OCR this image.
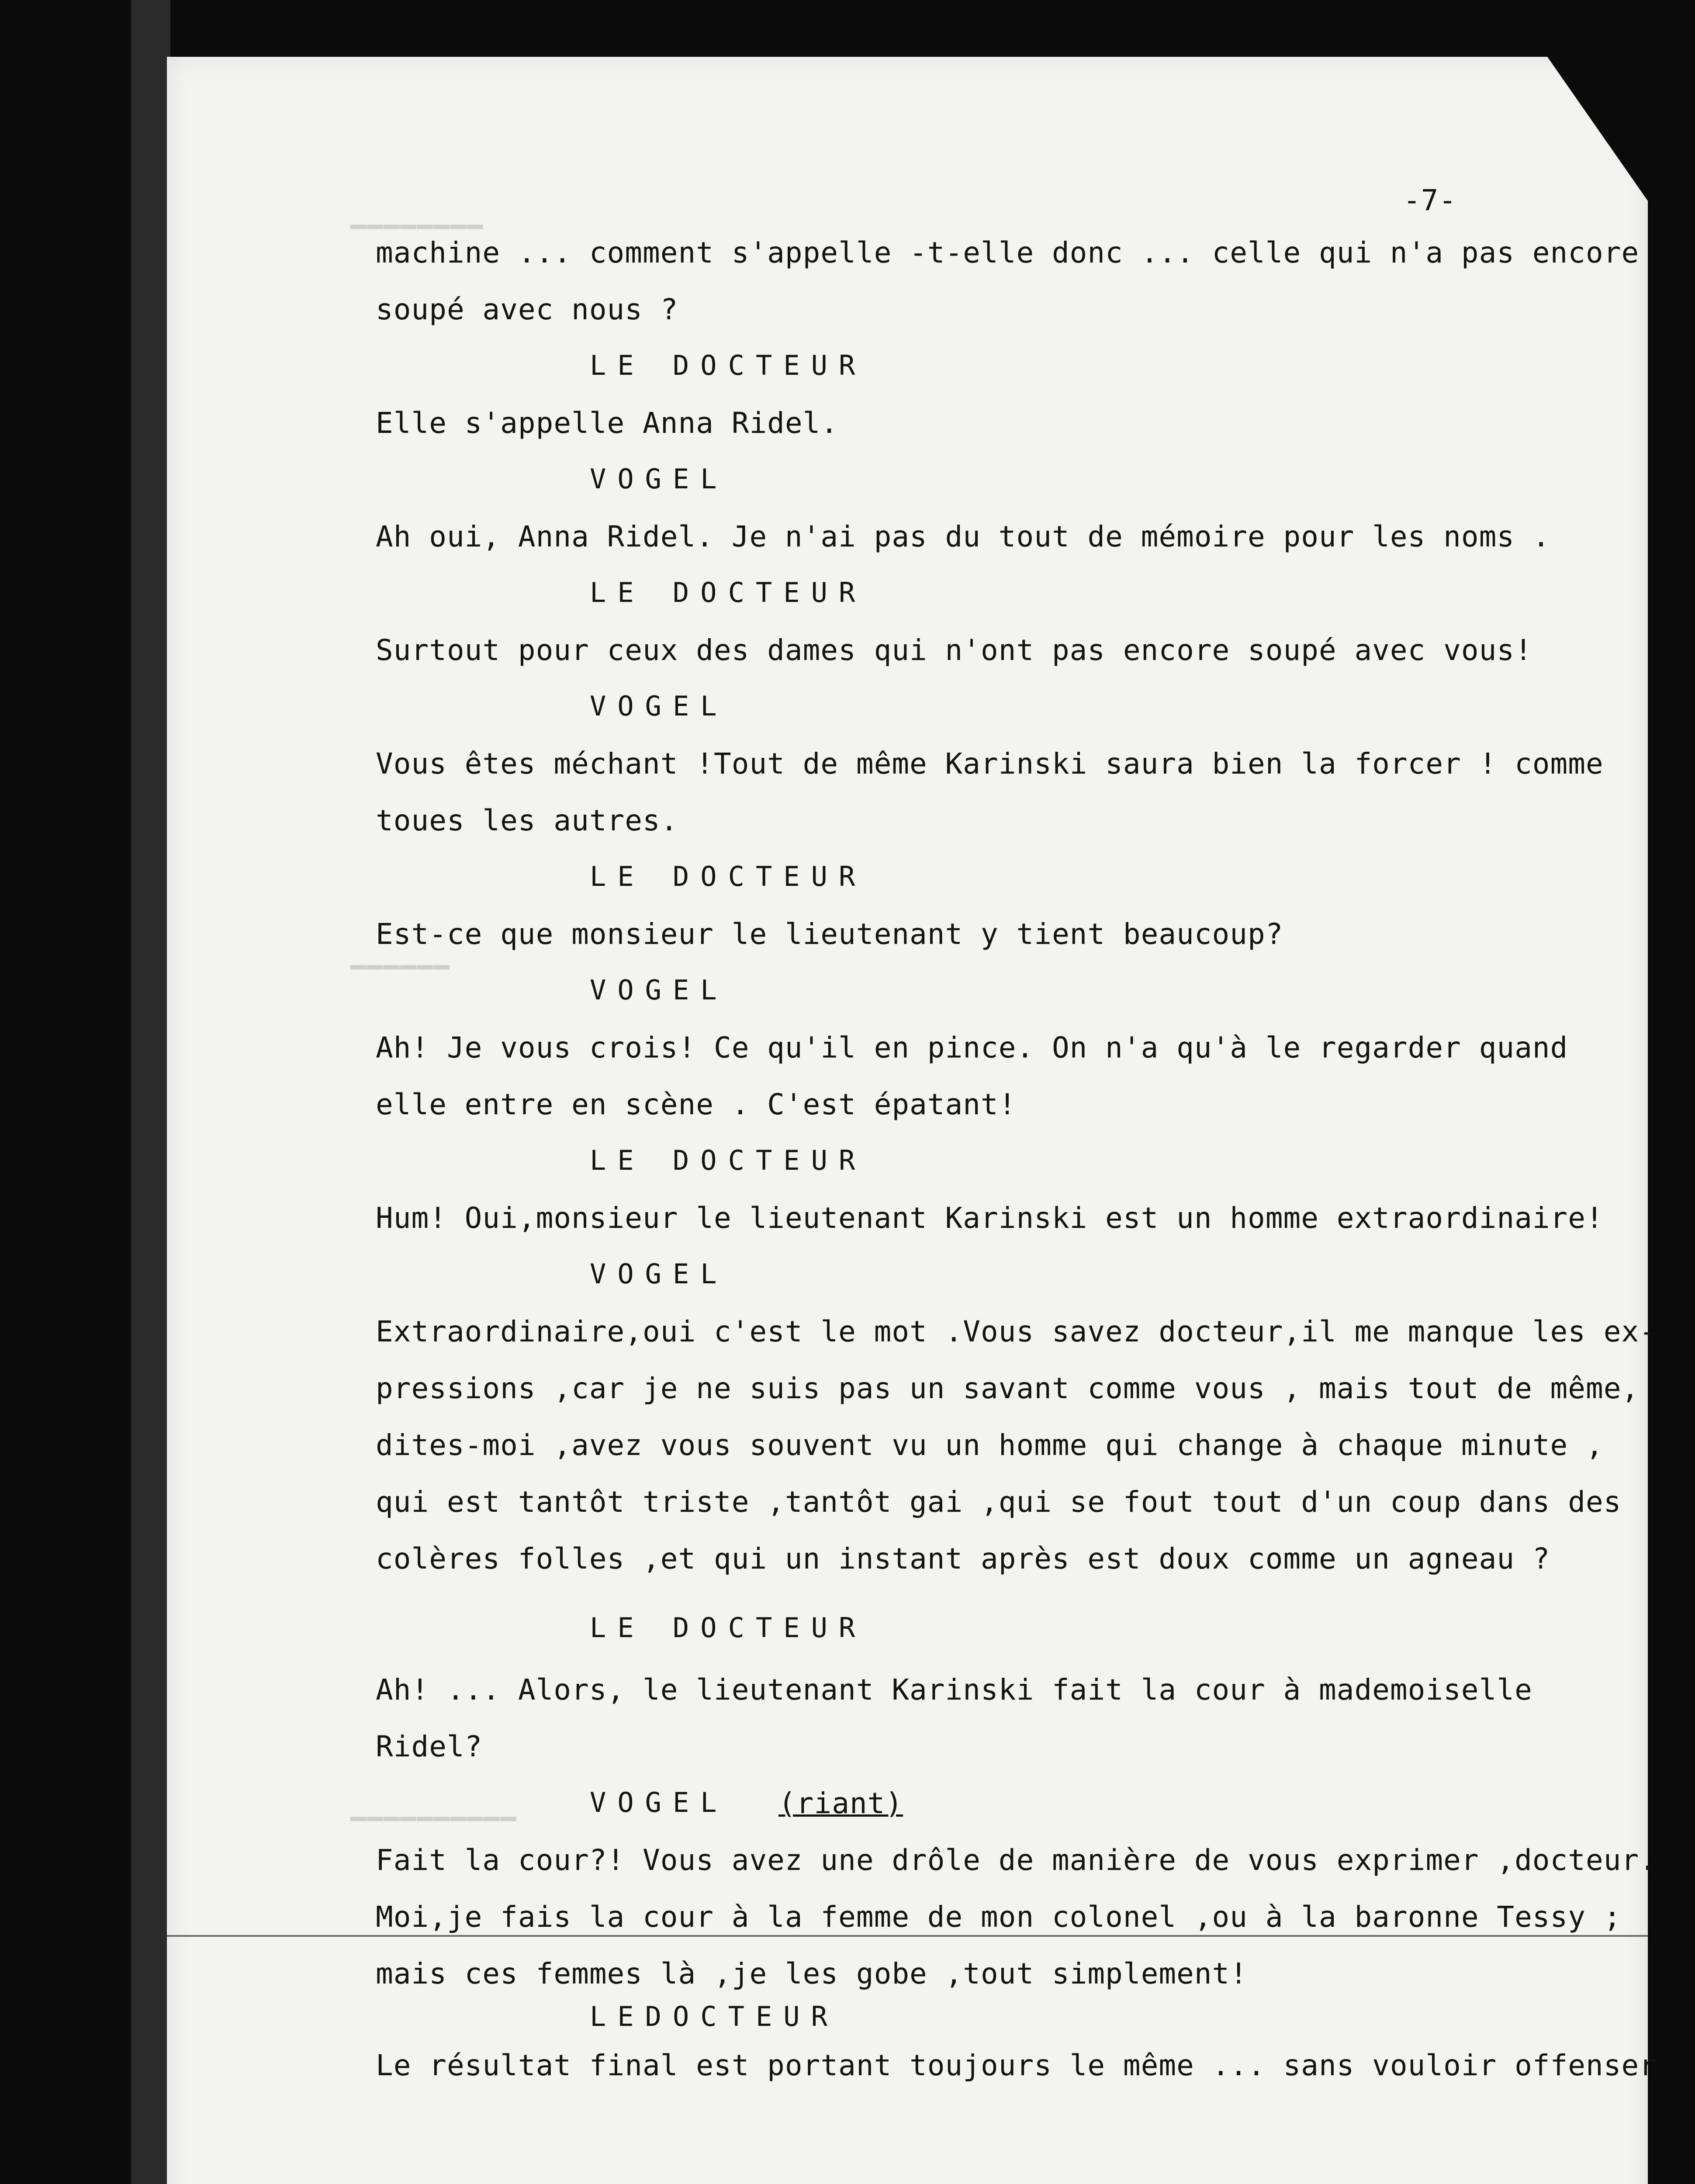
━━━━━━━━
━━━━━━
━━━━━━━━━━
-7-
machine ... comment s'appelle -t-elle donc ... celle qui n'a pas encore
soupé avec nous ?
LE DOCTEUR
Elle s'appelle Anna Ridel.
VOGEL
Ah oui, Anna Ridel. Je n'ai pas du tout de mémoire pour les noms .
LE DOCTEUR
Surtout pour ceux des dames qui n'ont pas encore soupé avec vous!
VOGEL
Vous êtes méchant !Tout de même Karinski saura bien la forcer ! comme
toues les autres.
LE DOCTEUR
Est-ce que monsieur le lieutenant y tient beaucoup?
VOGEL
Ah! Je vous crois! Ce qu'il en pince. On n'a qu'à le regarder quand
elle entre en scène . C'est épatant!
LE DOCTEUR
Hum! Oui,monsieur le lieutenant Karinski est un homme extraordinaire!
VOGEL
Extraordinaire,oui c'est le mot .Vous savez docteur,il me manque les ex-
pressions ,car je ne suis pas un savant comme vous , mais tout de même,
dites-moi ,avez vous souvent vu un homme qui change à chaque minute ,
qui est tantôt triste ,tantôt gai ,qui se fout tout d'un coup dans des
colères folles ,et qui un instant après est doux comme un agneau ?
LE DOCTEUR
Ah! ... Alors, le lieutenant Karinski fait la cour à mademoiselle
Ridel?
VOGEL (riant)
Fait la cour?! Vous avez une drôle de manière de vous exprimer ,docteur.
Moi,je fais la cour à la femme de mon colonel ,ou à la baronne Tessy ;
mais ces femmes là ,je les gobe ,tout simplement!
LEDOCTEUR
Le résultat final est portant toujours le même ... sans vouloir offenser
